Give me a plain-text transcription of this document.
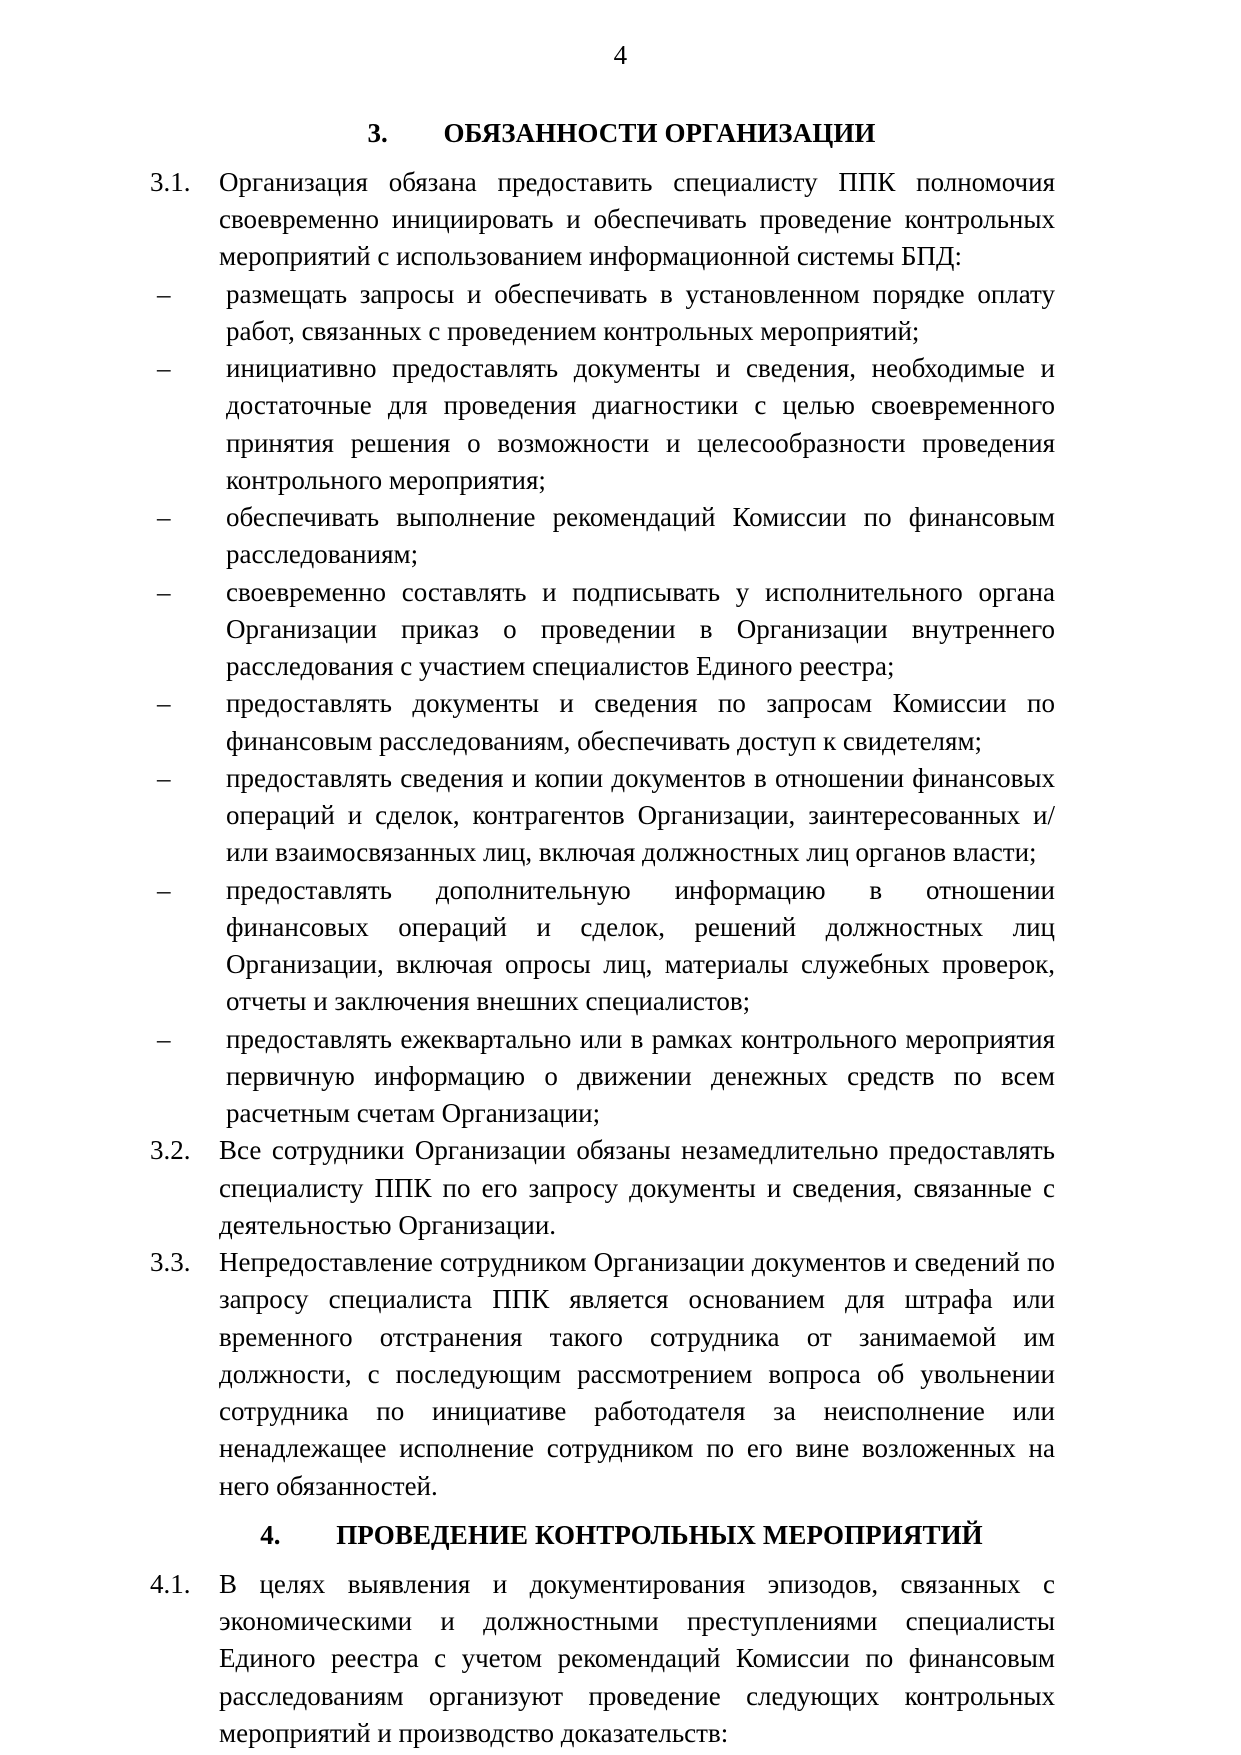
4
3. ОБЯЗАННОСТИ ОРГАНИЗАЦИИ
3.1.	Организация обязана предоставить специалисту ППК полномочия своевременно инициировать и обеспечивать проведение контрольных мероприятий с использованием информационной системы БПД:
–	размещать запросы и обеспечивать в установленном порядке оплату работ, связанных с проведением контрольных мероприятий;
–	инициативно предоставлять документы и сведения, необходимые и достаточные для проведения диагностики с целью своевременного принятия решения о возможности и целесообразности проведения контрольного мероприятия;
–	обеспечивать выполнение рекомендаций Комиссии по финансовым расследованиям;
–	своевременно составлять и подписывать у исполнительного органа Организации приказ о проведении в Организации внутреннего расследования с участием специалистов Единого реестра;
–	предоставлять документы и сведения по запросам Комиссии по финансовым расследованиям, обеспечивать доступ к свидетелям;
–	предоставлять сведения и копии документов в отношении финансовых операций и сделок, контрагентов Организации, заинтересованных и/или взаимосвязанных лиц, включая должностных лиц органов власти;
–	предоставлять дополнительную информацию в отношении финансовых операций и сделок, решений должностных лиц Организации, включая опросы лиц, материалы служебных проверок, отчеты и заключения внешних специалистов;
–	предоставлять ежеквартально или в рамках контрольного мероприятия первичную информацию о движении денежных средств по всем расчетным счетам Организации;
3.2.	Все сотрудники Организации обязаны незамедлительно предоставлять специалисту ППК по его запросу документы и сведения, связанные с деятельностью Организации.
3.3.	Непредоставление сотрудником Организации документов и сведений по запросу специалиста ППК является основанием для штрафа или временного отстранения такого сотрудника от занимаемой им должности, с последующим рассмотрением вопроса об увольнении сотрудника по инициативе работодателя за неисполнение или ненадлежащее исполнение сотрудником по его вине возложенных на него обязанностей.
4. ПРОВЕДЕНИЕ КОНТРОЛЬНЫХ МЕРОПРИЯТИЙ
4.1.	В целях выявления и документирования эпизодов, связанных с экономическими и должностными преступлениями специалисты Единого реестра с учетом рекомендаций Комиссии по финансовым расследованиям организуют проведение следующих контрольных мероприятий и производство доказательств:
